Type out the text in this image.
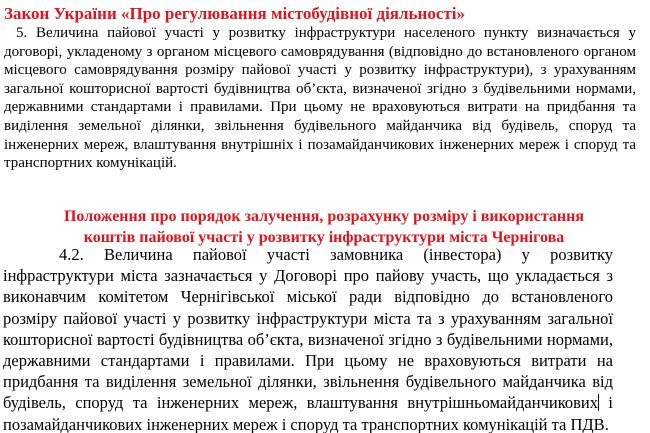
Закон України «Про регулювання містобудівної діяльності»

5. Величина пайової участі у розвитку інфраструктури населеного пункту визначається у договорі, укладеному з органом місцевого самоврядування (відповідно до встановленого органом місцевого самоврядування розміру пайової участі у розвитку інфраструктури), з урахуванням загальної кошторисної вартості будівництва об’єкта, визначеної згідно з будівельними нормами, державними стандартами і правилами. При цьому не враховуються витрати на придбання та виділення земельної ділянки, звільнення будівельного майданчика від будівель, споруд та інженерних мереж, влаштування внутрішніх і позамайданчикових інженерних мереж і споруд та транспортних комунікацій.

Положення про порядок залучення, розрахунку розміру і використання
коштів пайової участі у розвитку інфраструктури міста Чернігова

4.2. Величина пайової участі замовника (інвестора) у розвитку інфраструктури міста зазначається у Договорі про пайову участь, що укладається з виконавчим комітетом Чернігівської міської ради відповідно до встановленого розміру пайової участі у розвитку інфраструктури міста та з урахуванням загальної кошторисної вартості будівництва об’єкта, визначеної згідно з будівельними нормами, державними стандартами і правилами. При цьому не враховуються витрати на придбання та виділення земельної ділянки, звільнення будівельного майданчика від будівель, споруд та інженерних мереж, влаштування внутрішньомайданчикових і позамайданчикових інженерних мереж і споруд та транспортних комунікацій та ПДВ.
